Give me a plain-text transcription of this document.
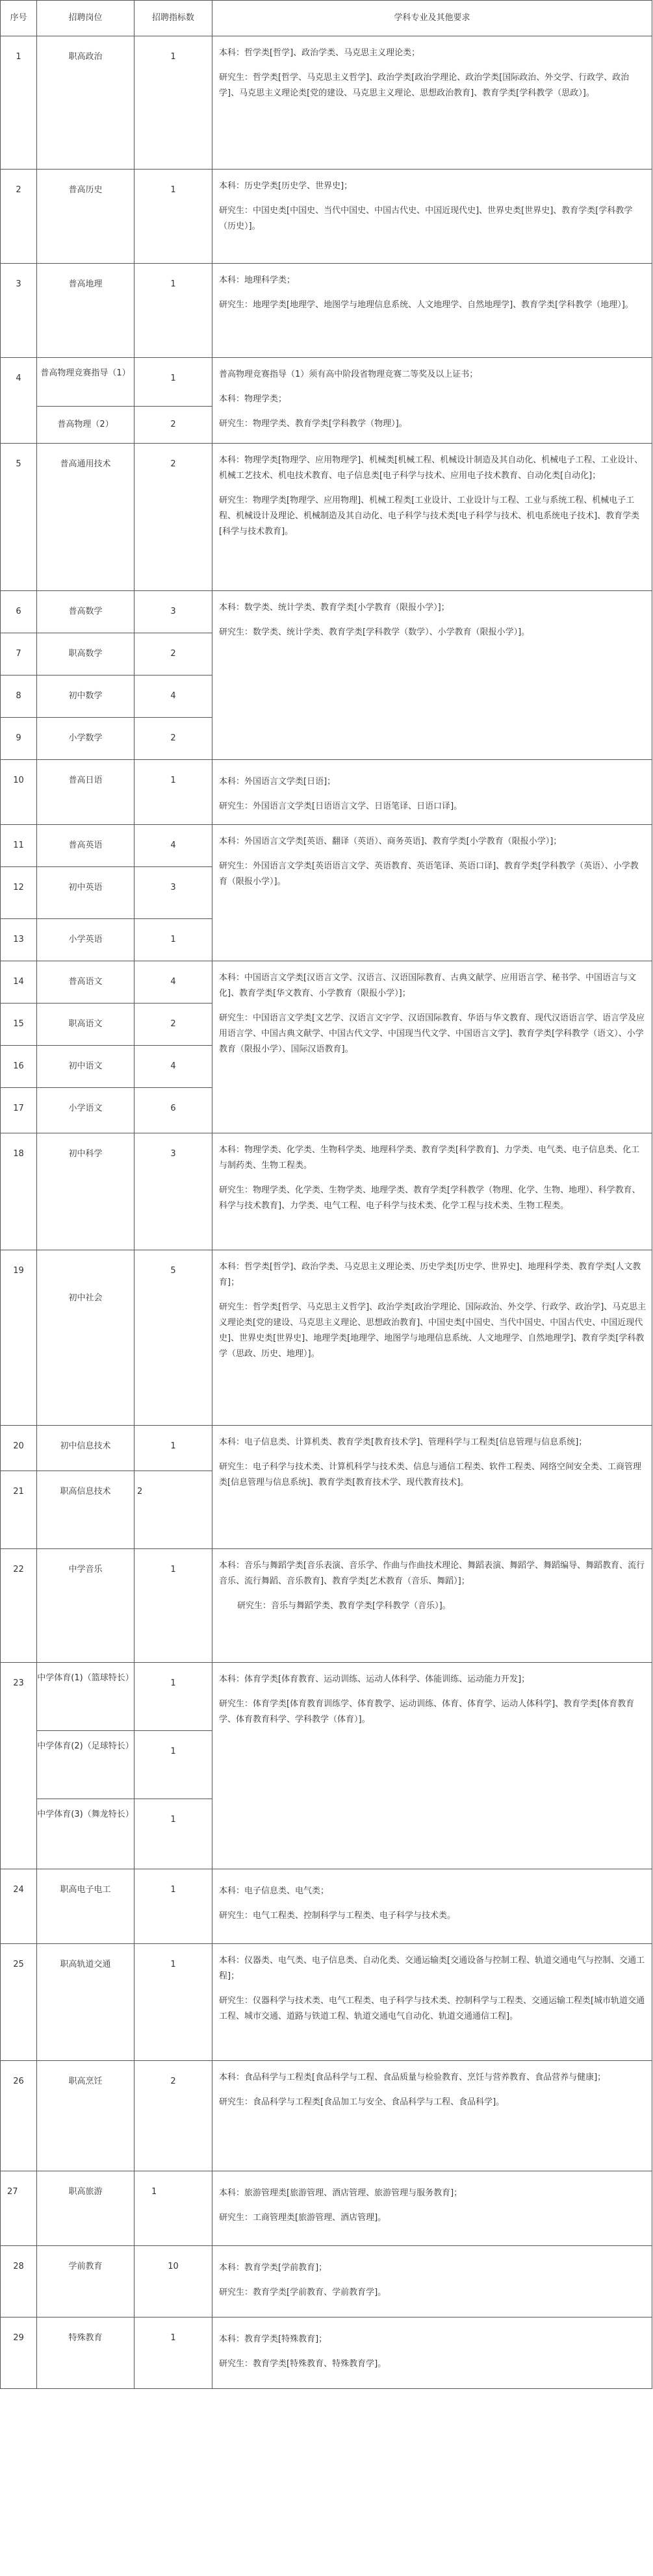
序号	招聘岗位	招聘指标数	学科专业及其他要求
1	职高政治	1	本科：哲学类[哲学]、政治学类、马克思主义理论类；

研究生：哲学类[哲学、马克思主义哲学]、政治学类[政治学理论、政治学类[国际政治、外交学、行政学、政治学]、马克思主义理论类[党的建设、马克思主义理论、思想政治教育]、教育学类[学科教学（思政）]。

2	普高历史	1	本科：历史学类[历史学、世界史]；

研究生：中国史类[中国史、当代中国史、中国古代史、中国近现代史]、世界史类[世界史]、教育学类[学科教学（历史）]。

3	普高地理	1	本科：地理科学类；

研究生：地理学类[地理学、地图学与地理信息系统、人文地理学、自然地理学]、教育学类[学科教学（地理）]。

4	普高物理竞赛指导（1）	1	普高物理竞赛指导（1）须有高中阶段省物理竞赛二等奖及以上证书；

本科：物理学类；

研究生：物理学类、教育学类[学科教学（物理）]。

	普高物理（2）	2	
5	普高通用技术	2	本科：物理学类[物理学、应用物理学]、机械类[机械工程、机械设计制造及其自动化、机械电子工程、工业设计、机械工艺技术、机电技术教育、电子信息类[电子科学与技术、应用电子技术教育、自动化类[自动化]；

研究生：物理学类[物理学、应用物理]、机械工程类[工业设计、工业设计与工程、工业与系统工程、机械电子工程、机械设计及理论、机械制造及其自动化、电子科学与技术类[电子科学与技术、机电系统电子技术]、教育学类[科学与技术教育]。

6	普高数学	3	本科：数学类、统计学类、教育学类[小学教育（限报小学）]；

研究生：数学类、统计学类、教育学类[学科教学（数学）、小学教育（限报小学）]。

7	职高数学	2	
8	初中数学	4	
9	小学数学	2	
10	普高日语	1	本科：外国语言文学类[日语]；

研究生：外国语言文学类[日语语言文学、日语笔译、日语口译]。

11	普高英语	4	本科：外国语言文学类[英语、翻译（英语）、商务英语]、教育学类[小学教育（限报小学）]；

研究生：外国语言文学类[英语语言文学、英语教育、英语笔译、英语口译]、教育学类[学科教学（英语）、小学教育（限报小学）]。

12	初中英语	3	
13	小学英语	1	
14	普高语文	4	本科：中国语言文学类[汉语言文学、汉语言、汉语国际教育、古典文献学、应用语言学、秘书学、中国语言与文化]、教育学类[华文教育、小学教育（限报小学）]；

研究生：中国语言文学类[文艺学、汉语言文字学、汉语国际教育、华语与华文教育、现代汉语语言学、语言学及应用语言学、中国古典文献学、中国古代文学、中国现当代文学、中国语言文学]、教育学类[学科教学（语文）、小学教育（限报小学）、国际汉语教育]。

15	职高语文	2	
16	初中语文	4	
17	小学语文	6	
18	初中科学	3	本科：物理学类、化学类、生物科学类、地理科学类、教育学类[科学教育]、力学类、电气类、电子信息类、化工与制药类、生物工程类。

研究生：物理学类、化学类、生物学类、地理学类、教育学类[学科教学（物理、化学、生物、地理）、科学教育、科学与技术教育]、力学类、电气工程、电子科学与技术类、化学工程与技术类、生物工程类。

19	初中社会	5	本科：哲学类[哲学]、政治学类、马克思主义理论类、历史学类[历史学、世界史]、地理科学类、教育学类[人文教育]；

研究生：哲学类[哲学、马克思主义哲学]、政治学类[政治学理论、国际政治、外交学、行政学、政治学]、马克思主义理论类[党的建设、马克思主义理论、思想政治教育]、中国史类[中国史、当代中国史、中国古代史、中国近现代史]、世界史类[世界史]、地理学类[地理学、地图学与地理信息系统、人文地理学、自然地理学]、教育学类[学科教学（思政、历史、地理）]。

20	初中信息技术	1	本科：电子信息类、计算机类、教育学类[教育技术学]、管理科学与工程类[信息管理与信息系统]；

研究生：电子科学与技术类、计算机科学与技术类、信息与通信工程类、软件工程类、网络空间安全类、工商管理类[信息管理与信息系统]、教育学类[教育技术学、现代教育技术]。

21	职高信息技术	2	
22	中学音乐	1	本科：音乐与舞蹈学类[音乐表演、音乐学、作曲与作曲技术理论、舞蹈表演、舞蹈学、舞蹈编导、舞蹈教育、流行音乐、流行舞蹈、音乐教育]、教育学类[艺术教育（音乐、舞蹈）]；

研究生：音乐与舞蹈学类、教育学类[学科教学（音乐）]。

23	中学体育(1)（篮球特长）	1	本科：体育学类[体育教育、运动训练、运动人体科学、体能训练、运动能力开发]；

研究生：体育学类[体育教育训练学、体育教学、运动训练、体育、体育学、运动人体科学]、教育学类[体育教育学、体育教育科学、学科教学（体育）]。

	中学体育(2)（足球特长）	1	
	中学体育(3)（舞龙特长）	1	
24	职高电子电工	1	本科：电子信息类、电气类；

研究生：电气工程类、控制科学与工程类、电子科学与技术类。

25	职高轨道交通	1	本科：仪器类、电气类、电子信息类、自动化类、交通运输类[交通设备与控制工程、轨道交通电气与控制、交通工程]；

研究生：仪器科学与技术类、电气工程类、电子科学与技术类、控制科学与工程类、交通运输工程类[城市轨道交通工程、城市交通、道路与铁道工程、轨道交通电气自动化、轨道交通通信工程]。

26	职高烹饪	2	本科：食品科学与工程类[食品科学与工程、食品质量与检验教育、烹饪与营养教育、食品营养与健康]；

研究生：食品科学与工程类[食品加工与安全、食品科学与工程、食品科学]。

27	职高旅游	1	本科：旅游管理类[旅游管理、酒店管理、旅游管理与服务教育]；

研究生：工商管理类[旅游管理、酒店管理]。

28	学前教育	10	本科：教育学类[学前教育]；

研究生：教育学类[学前教育、学前教育学]。

29	特殊教育	1	本科：教育学类[特殊教育]；

研究生：教育学类[特殊教育、特殊教育学]。
